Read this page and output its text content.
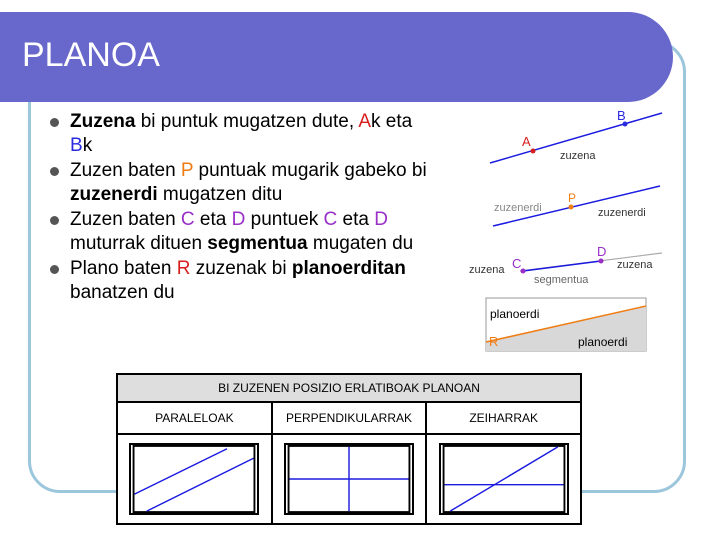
PLANOA
Zuzena bi puntuk mugatzen dute, Ak eta
Bk
Zuzen baten P puntuak mugarik gabeko bi
zuzenerdi mugatzen ditu
Zuzen baten C eta D puntuek C eta D
muturrak dituen segmentua mugaten du
Plano baten R zuzenak bi planoerditan
banatzen du
A
B
zuzena
P
zuzenerdi	zuzenerdi
C
D
zuzena	zuzena
segmentua
planoerdi
R	planoerdi
BI ZUZENEN POSIZIO ERLATIBOAK PLANOAN
PARALELOAK	PERPENDIKULARRAK	ZEIHARRAK
